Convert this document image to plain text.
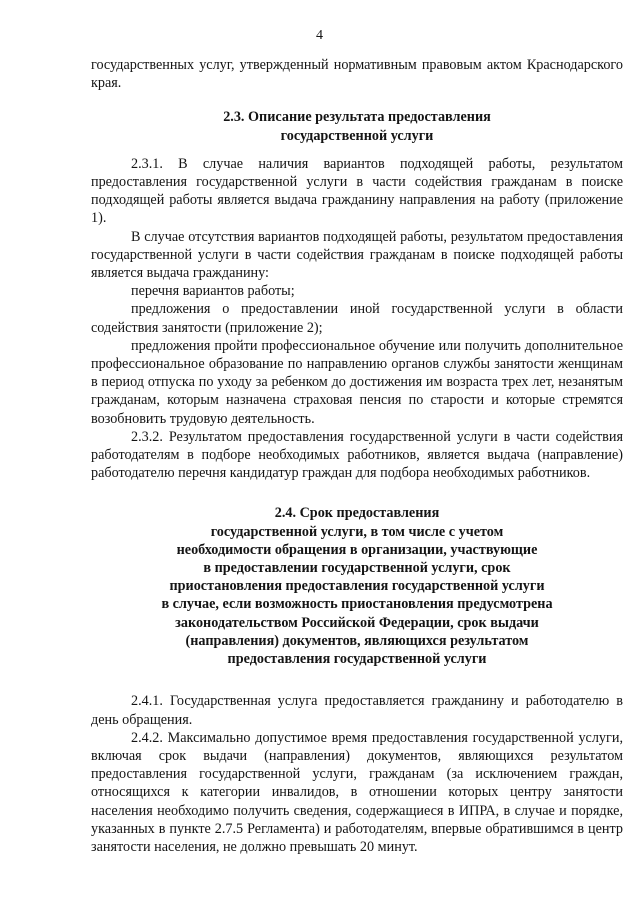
4

государственных услуг, утвержденный нормативным правовым актом Краснодарского края.

2.3. Описание результата предоставления

государственной услуги

2.3.1. В случае наличия вариантов подходящей работы, результатом предоставления государственной услуги в части содействия гражданам в поиске подходящей работы является выдача гражданину направления на работу (приложение 1).

В случае отсутствия вариантов подходящей работы, результатом предоставления государственной услуги в части содействия гражданам в поиске подходящей работы является выдача гражданину:

перечня вариантов работы;

предложения о предоставлении иной государственной услуги в области содействия занятости (приложение 2);

предложения пройти профессиональное обучение или получить дополнительное профессиональное образование по направлению органов службы занятости женщинам в период отпуска по уходу за ребенком до достижения им возраста трех лет, незанятым гражданам, которым назначена страховая пенсия по старости и которые стремятся возобновить трудовую деятельность.

2.3.2. Результатом предоставления государственной услуги в части содействия работодателям в подборе необходимых работников, является выдача (направление) работодателю перечня кандидатур граждан для подбора необходимых работников.

2.4. Срок предоставления

государственной услуги, в том числе с учетом

необходимости обращения в организации, участвующие

в предоставлении государственной услуги, срок

приостановления предоставления государственной услуги

в случае, если возможность приостановления предусмотрена

законодательством Российской Федерации, срок выдачи

(направления) документов, являющихся результатом

предоставления государственной услуги

2.4.1. Государственная услуга предоставляется гражданину и работодателю в день обращения.

2.4.2. Максимально допустимое время предоставления государственной услуги, включая срок выдачи (направления) документов, являющихся результатом предоставления государственной услуги, гражданам (за исключением граждан, относящихся к категории инвалидов, в отношении которых центру занятости населения необходимо получить сведения, содержащиеся в ИПРА, в случае и порядке, указанных в пункте 2.7.5 Регламента) и работодателям, впервые обратившимся в центр занятости населения, не должно превышать 20 минут.
